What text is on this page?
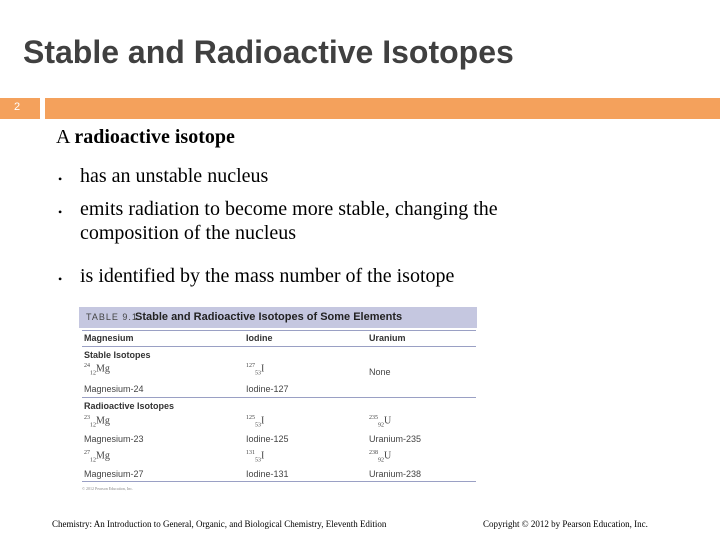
Stable and Radioactive Isotopes
2
A radioactive isotope
• has an unstable nucleus
• emits radiation to become more stable, changing the composition of the nucleus
• is identified by the mass number of the isotope
TABLE 9.1
Stable and Radioactive Isotopes of Some Elements
Magnesium	Iodine	Uranium
Stable Isotopes
$^{24}_{12}$Mg	$^{127}_{53}$I	None
Magnesium-24	Iodine-127
Radioactive Isotopes
$^{23}_{12}$Mg	$^{125}_{53}$I	$^{235}_{92}$U
Magnesium-23	Iodine-125	Uranium-235
$^{27}_{12}$Mg	$^{131}_{53}$I	$^{238}_{92}$U
Magnesium-27	Iodine-131	Uranium-238
© 2012 Pearson Education, Inc.
Chemistry: An Introduction to General, Organic, and Biological Chemistry, Eleventh Edition	Copyright © 2012 by Pearson Education, Inc.
